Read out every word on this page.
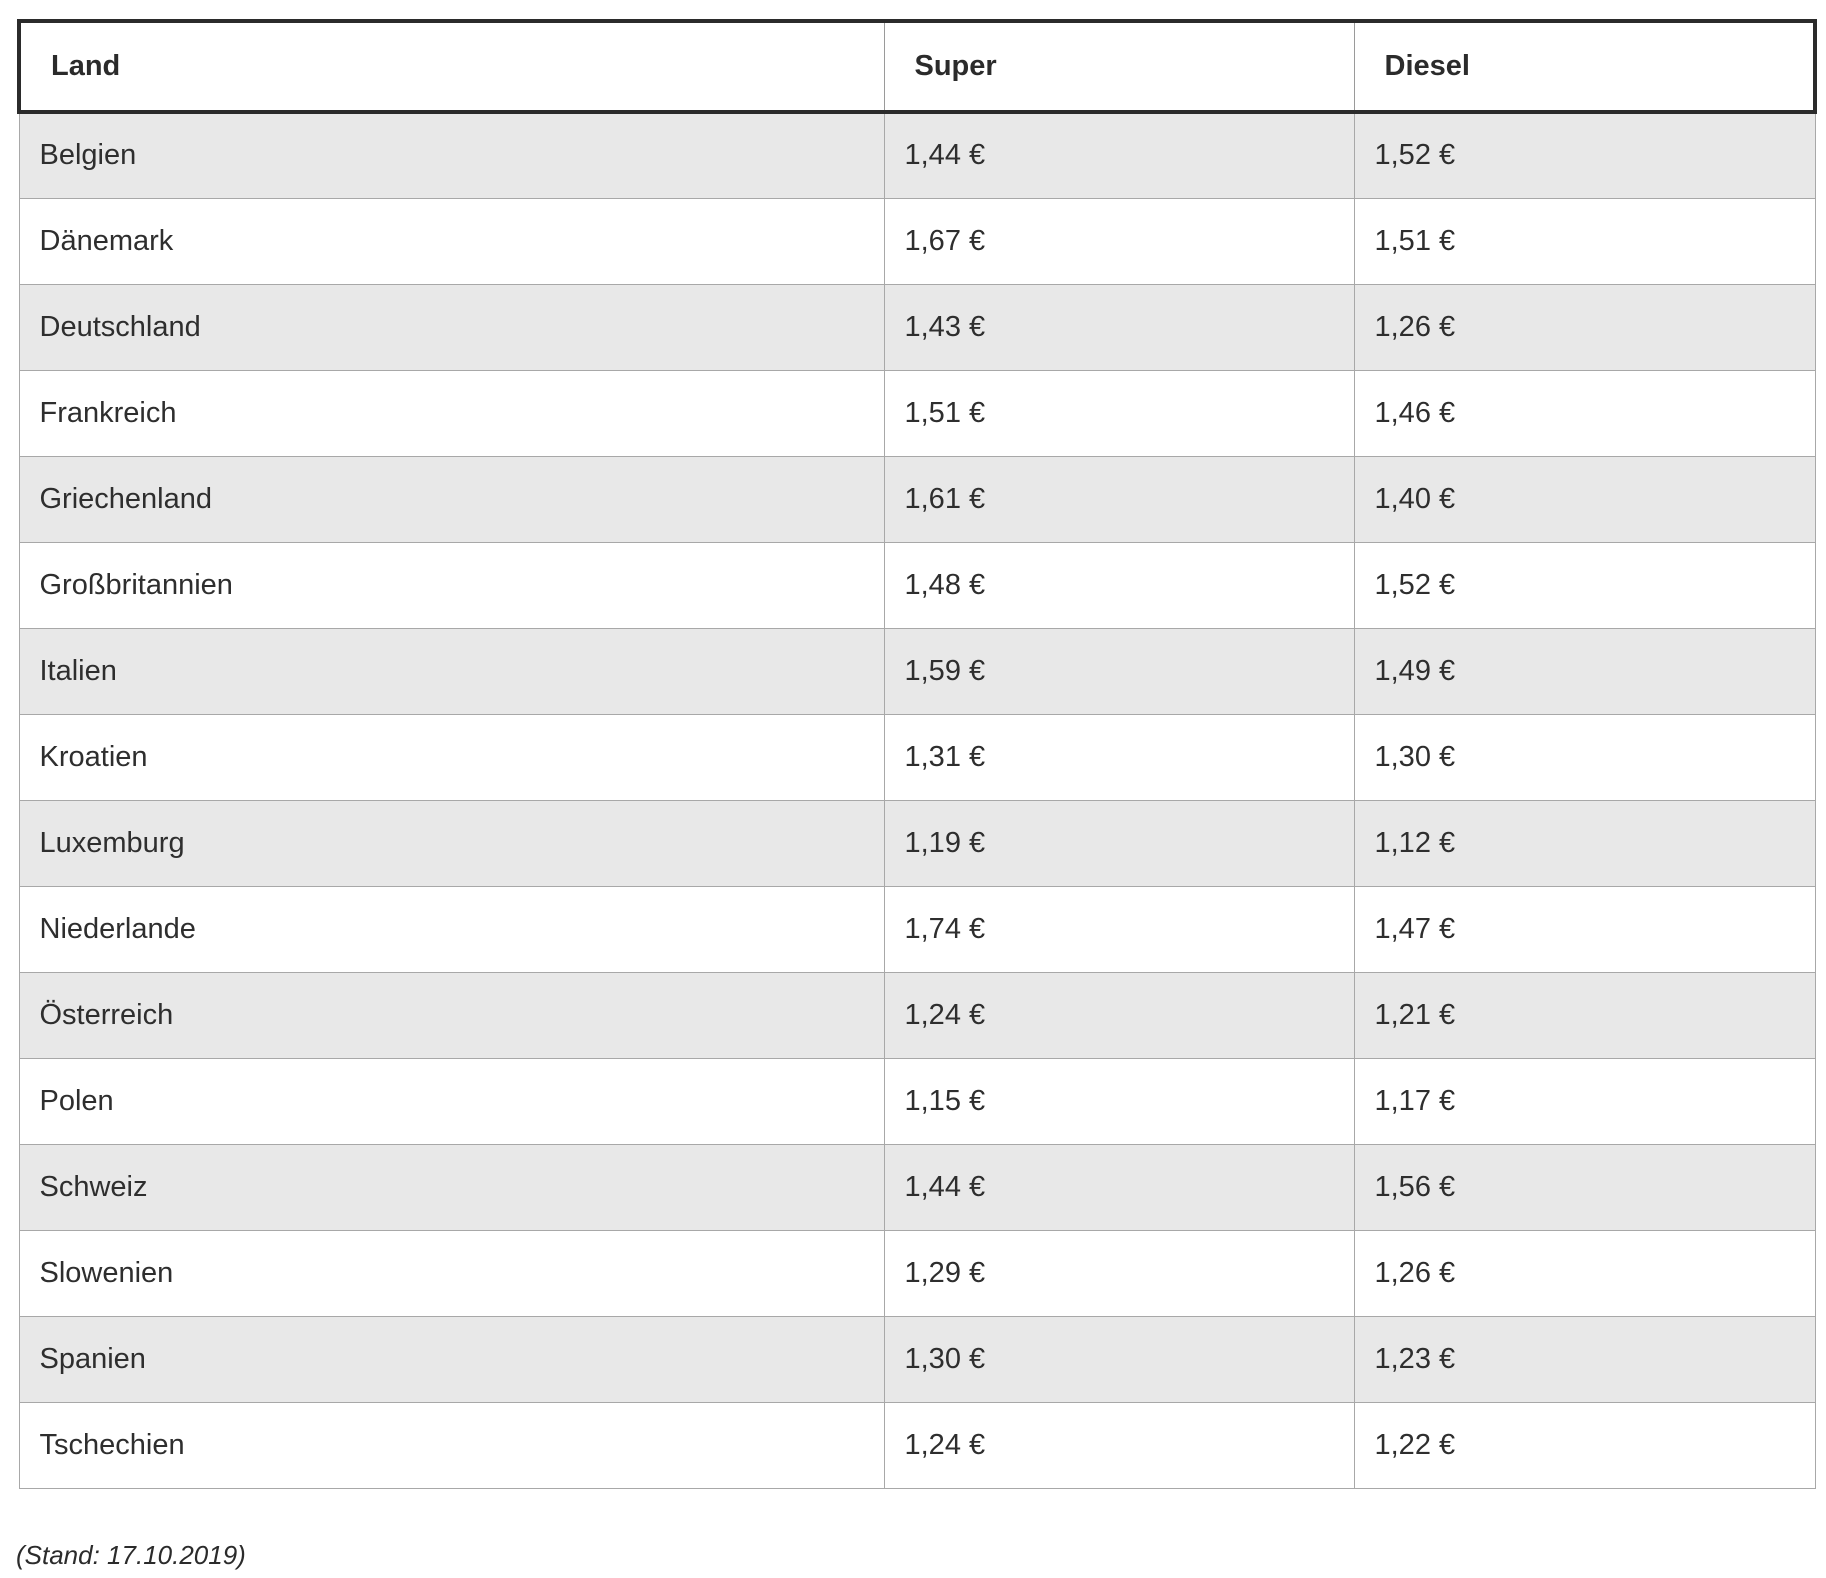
Land	Super	Diesel
Belgien	1,44 €	1,52 €
Dänemark	1,67 €	1,51 €
Deutschland	1,43 €	1,26 €
Frankreich	1,51 €	1,46 €
Griechenland	1,61 €	1,40 €
Großbritannien	1,48 €	1,52 €
Italien	1,59 €	1,49 €
Kroatien	1,31 €	1,30 €
Luxemburg	1,19 €	1,12 €
Niederlande	1,74 €	1,47 €
Österreich	1,24 €	1,21 €
Polen	1,15 €	1,17 €
Schweiz	1,44 €	1,56 €
Slowenien	1,29 €	1,26 €
Spanien	1,30 €	1,23 €
Tschechien	1,24 €	1,22 €
(Stand: 17.10.2019)
